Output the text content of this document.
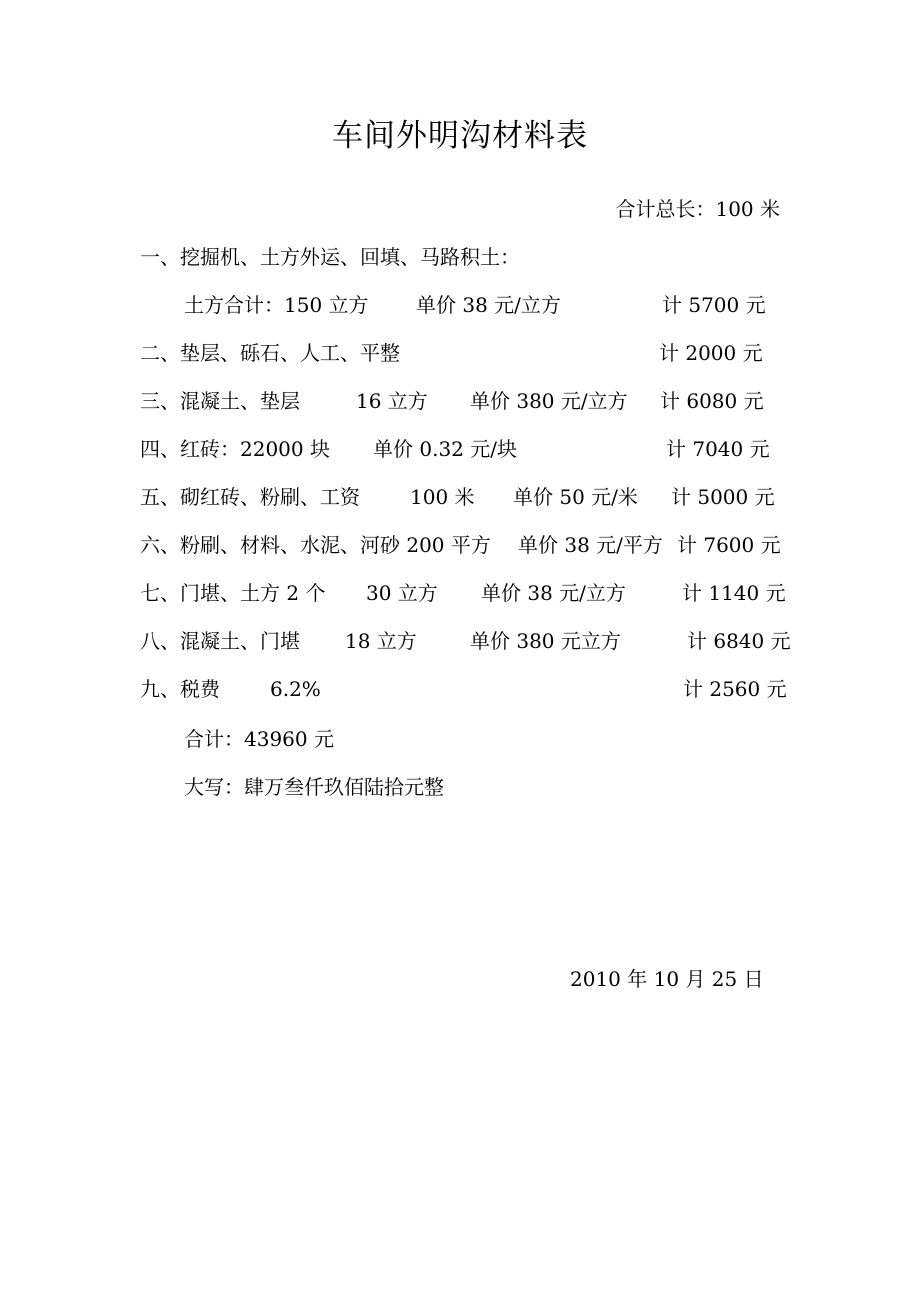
车间外明沟材料表
合计总长：100 米
一、挖掘机、土方外运、回填、马路积土：
土方合计：150 立方 单价 38 元/立方	计 5700 元
二、垫层、砾石、人工、平整	计 2000 元
三、混凝土、垫层	16 立方 单价 380 元/立方 计 6080 元
四、红砖：22000 块 单价 0.32 元/块	计 7040 元
五、砌红砖、粉刷、工资	100 米 单价 50 元/米 计 5000 元
六、粉刷、材料、水泥、河砂 200 平方 单价 38 元/平方 计 7600 元
七、门堪、土方 2 个 30 立方 单价 38 元/立方	计 1140 元
八、混凝土、门堪 18 立方	单价 380 元立方	计 6840 元
九、税费	6.2%	计 2560 元
合计：43960 元
大写：肆万叁仟玖佰陆拾元整
2010 年 10 月 25 日
